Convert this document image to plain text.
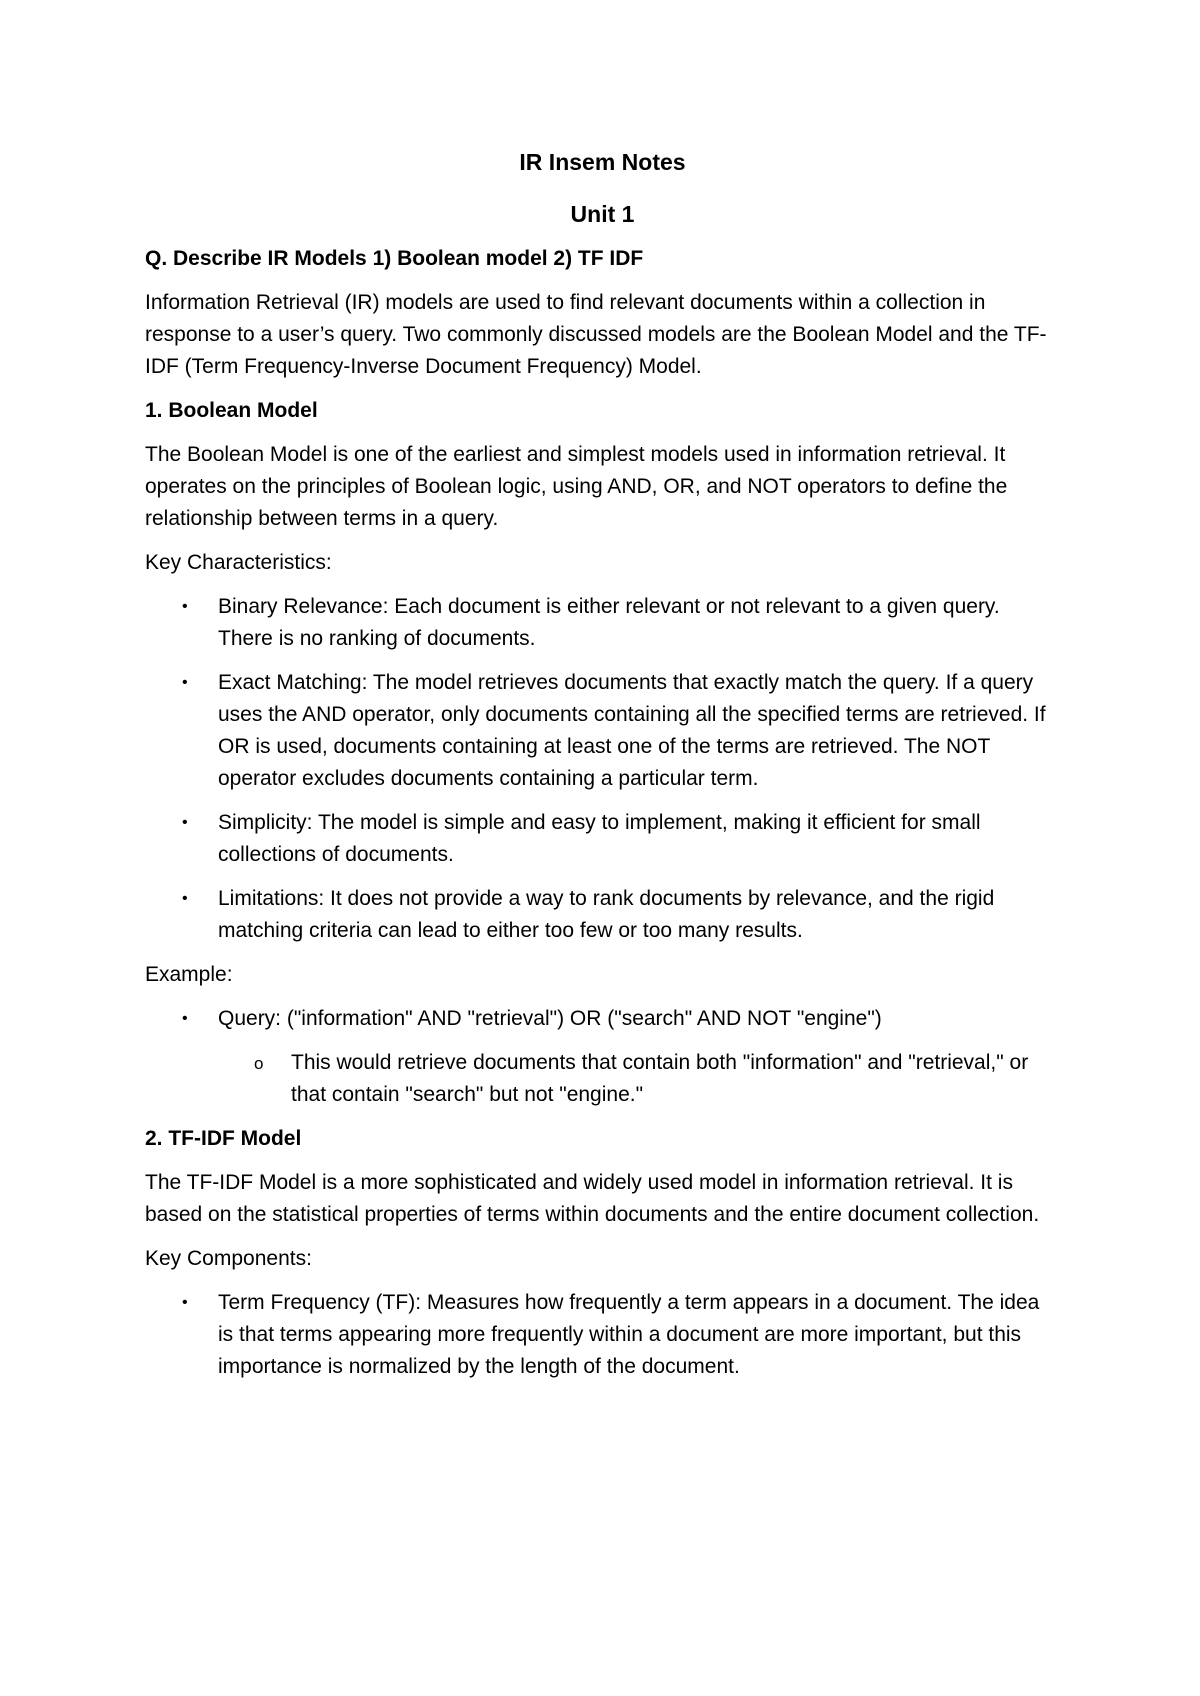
IR Insem Notes
Unit 1
Q. Describe IR Models 1) Boolean model 2) TF IDF

Information Retrieval (IR) models are used to find relevant documents within a collection in response to a user’s query. Two commonly discussed models are the Boolean Model and the TF-IDF (Term Frequency-Inverse Document Frequency) Model.

1. Boolean Model

The Boolean Model is one of the earliest and simplest models used in information retrieval. It operates on the principles of Boolean logic, using AND, OR, and NOT operators to define the relationship between terms in a query.

Key Characteristics:

• Binary Relevance: Each document is either relevant or not relevant to a given query. There is no ranking of documents.
• Exact Matching: The model retrieves documents that exactly match the query. If a query uses the AND operator, only documents containing all the specified terms are retrieved. If OR is used, documents containing at least one of the terms are retrieved. The NOT operator excludes documents containing a particular term.
• Simplicity: The model is simple and easy to implement, making it efficient for small collections of documents.
• Limitations: It does not provide a way to rank documents by relevance, and the rigid matching criteria can lead to either too few or too many results.

Example:

• Query: ("information" AND "retrieval") OR ("search" AND NOT "engine")
o This would retrieve documents that contain both "information" and "retrieval," or that contain "search" but not "engine."
2. TF-IDF Model

The TF-IDF Model is a more sophisticated and widely used model in information retrieval. It is based on the statistical properties of terms within documents and the entire document collection.

Key Components:

• Term Frequency (TF): Measures how frequently a term appears in a document. The idea is that terms appearing more frequently within a document are more important, but this importance is normalized by the length of the document.
